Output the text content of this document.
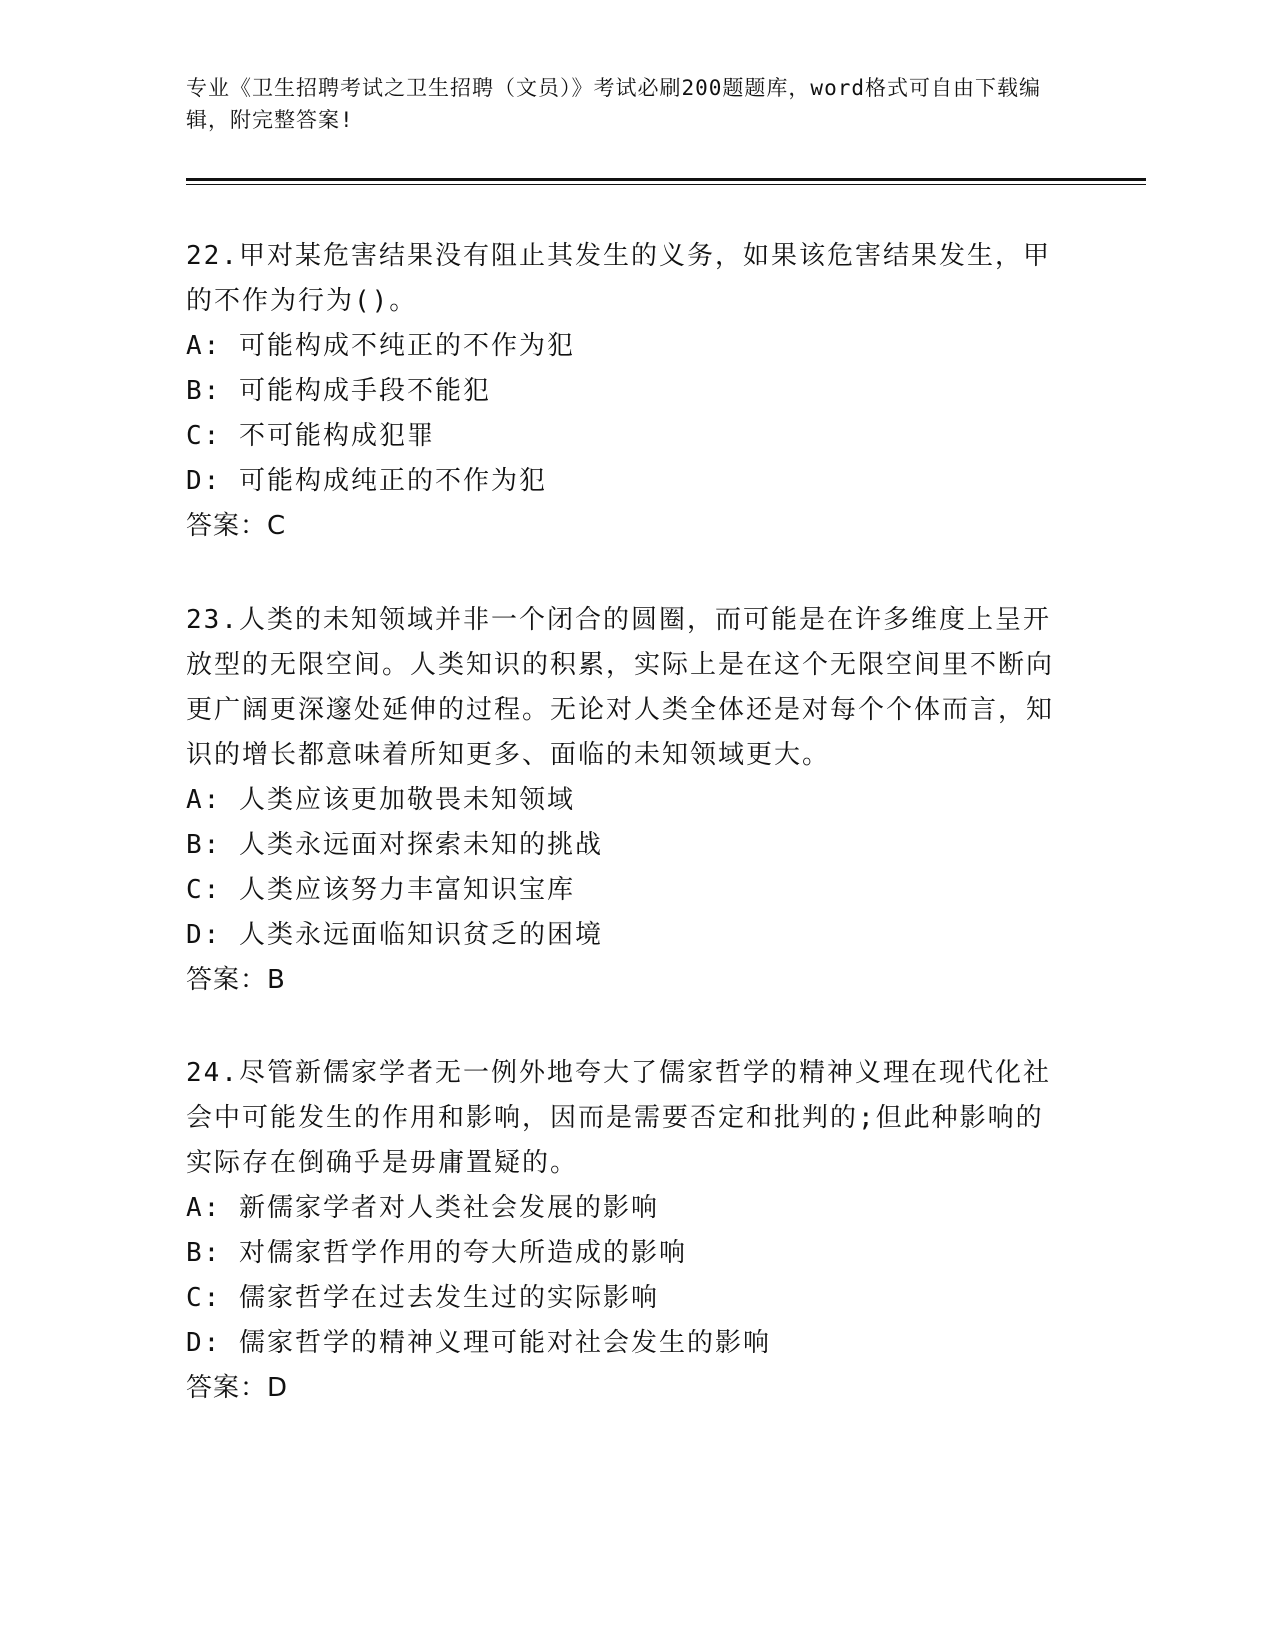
专业《卫生招聘考试之卫生招聘（文员）》考试必刷200题题库，word格式可自由下载编辑，附完整答案!
22.甲对某危害结果没有阻止其发生的义务，如果该危害结果发生，甲的不作为行为()。
A: 可能构成不纯正的不作为犯
B: 可能构成手段不能犯
C: 不可能构成犯罪
D: 可能构成纯正的不作为犯
答案：C
23.人类的未知领域并非一个闭合的圆圈，而可能是在许多维度上呈开放型的无限空间。人类知识的积累，实际上是在这个无限空间里不断向更广阔更深邃处延伸的过程。无论对人类全体还是对每个个体而言，知识的增长都意味着所知更多、面临的未知领域更大。
A: 人类应该更加敬畏未知领域
B: 人类永远面对探索未知的挑战
C: 人类应该努力丰富知识宝库
D: 人类永远面临知识贫乏的困境
答案：B
24.尽管新儒家学者无一例外地夸大了儒家哲学的精神义理在现代化社会中可能发生的作用和影响，因而是需要否定和批判的;但此种影响的实际存在倒确乎是毋庸置疑的。
A: 新儒家学者对人类社会发展的影响
B: 对儒家哲学作用的夸大所造成的影响
C: 儒家哲学在过去发生过的实际影响
D: 儒家哲学的精神义理可能对社会发生的影响
答案：D
